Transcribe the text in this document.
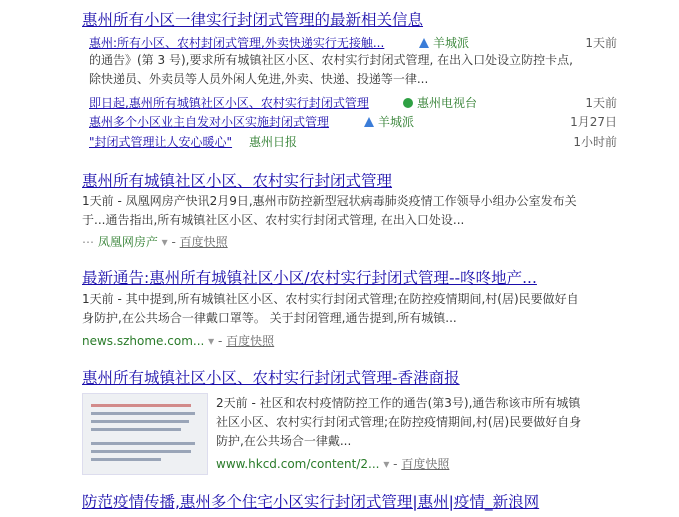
惠州所有小区一律实行封闭式管理的最新相关信息
惠州:所有小区、农村封闭式管理,外卖快递实行无接触...	羊城派	1天前
的通告》(第 3 号),要求所有城镇社区小区、农村实行封闭式管理, 在出入口处设立防控卡点,
除快递员、外卖员等人员外闲人免进,外卖、快递、投递等一律...
即日起,惠州所有城镇社区小区、农村实行封闭式管理	惠州电视台	1天前
惠州多个小区业主自发对小区实施封闭式管理	羊城派	1月27日
"封闭式管理让人安心暖心" 惠州日报	1小时前
惠州所有城镇社区小区、农村实行封闭式管理
1天前 - 凤凰网房产快讯2月9日,惠州市防控新型冠状病毒肺炎疫情工作领导小组办公室发布关
于...通告指出,所有城镇社区小区、农村实行封闭式管理, 在出入口处设...
⋯ 凤凰网房产 ▾ - 百度快照
最新通告:惠州所有城镇社区小区/农村实行封闭式管理--咚咚地产...
1天前 - 其中提到,所有城镇社区小区、农村实行封闭式管理;在防控疫情期间,村(居)民要做好自
身防护,在公共场合一律戴口罩等。 关于封闭管理,通告提到,所有城镇...
news.szhome.com... ▾ - 百度快照
惠州所有城镇社区小区、农村实行封闭式管理-香港商报
2天前 - 社区和农村疫情防控工作的通告(第3号),通告称该市所有城镇
社区小区、农村实行封闭式管理;在防控疫情期间,村(居)民要做好自身
防护,在公共场合一律戴...
www.hkcd.com/content/2... ▾ - 百度快照
防范疫情传播,惠州多个住宅小区实行封闭式管理|惠州|疫情_新浪网
